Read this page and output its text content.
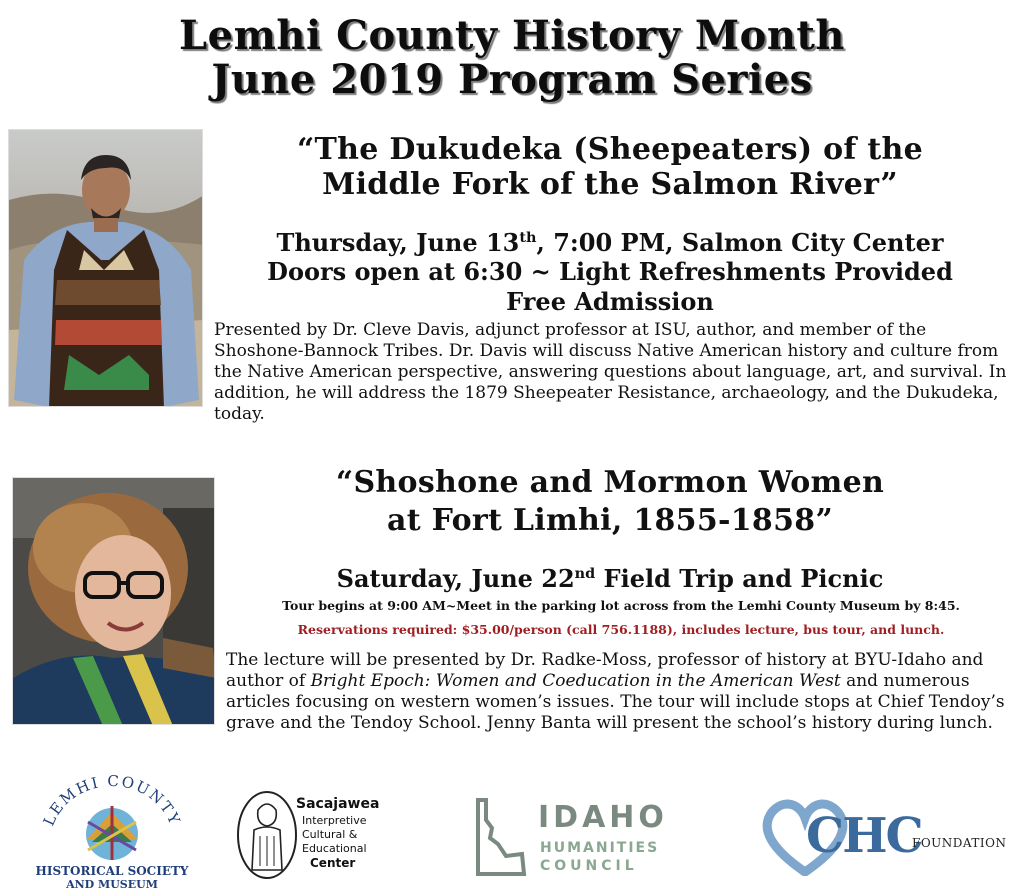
Lemhi County History Month
June 2019 Program Series
“The Dukudeka (Sheepeaters) of the
Middle Fork of the Salmon River”
Thursday, June 13th, 7:00 PM, Salmon City Center
Doors open at 6:30 ~ Light Refreshments Provided
Free Admission
Presented by Dr. Cleve Davis, adjunct professor at ISU, author, and member of the Shoshone-Bannock Tribes. Dr. Davis will discuss Native American history and culture from the Native American perspective, answering questions about language, art, and survival. In addition, he will address the 1879 Sheepeater Resistance, archaeology, and the Dukudeka, today.
“Shoshone and Mormon Women
at Fort Limhi, 1855-1858”
Saturday, June 22nd Field Trip and Picnic
Tour begins at 9:00 AM~Meet in the parking lot across from the Lemhi County Museum by 8:45.
Reservations required: $35.00/person (call 756.1188), includes lecture, bus tour, and lunch.
The lecture will be presented by Dr. Radke-Moss, professor of history at BYU-Idaho and author of Bright Epoch: Women and Coeducation in the American West and numerous articles focusing on western women’s issues. The tour will include stops at Chief Tendoy’s grave and the Tendoy School. Jenny Banta will present the school’s history during lunch.
LEMHI COUNTY
HISTORICAL SOCIETY
AND MUSEUM
Sacajawea
Interpretive
Cultural &
Educational
Center
IDAHO
HUMANITIES
COUNCIL
CHC
FOUNDATION
